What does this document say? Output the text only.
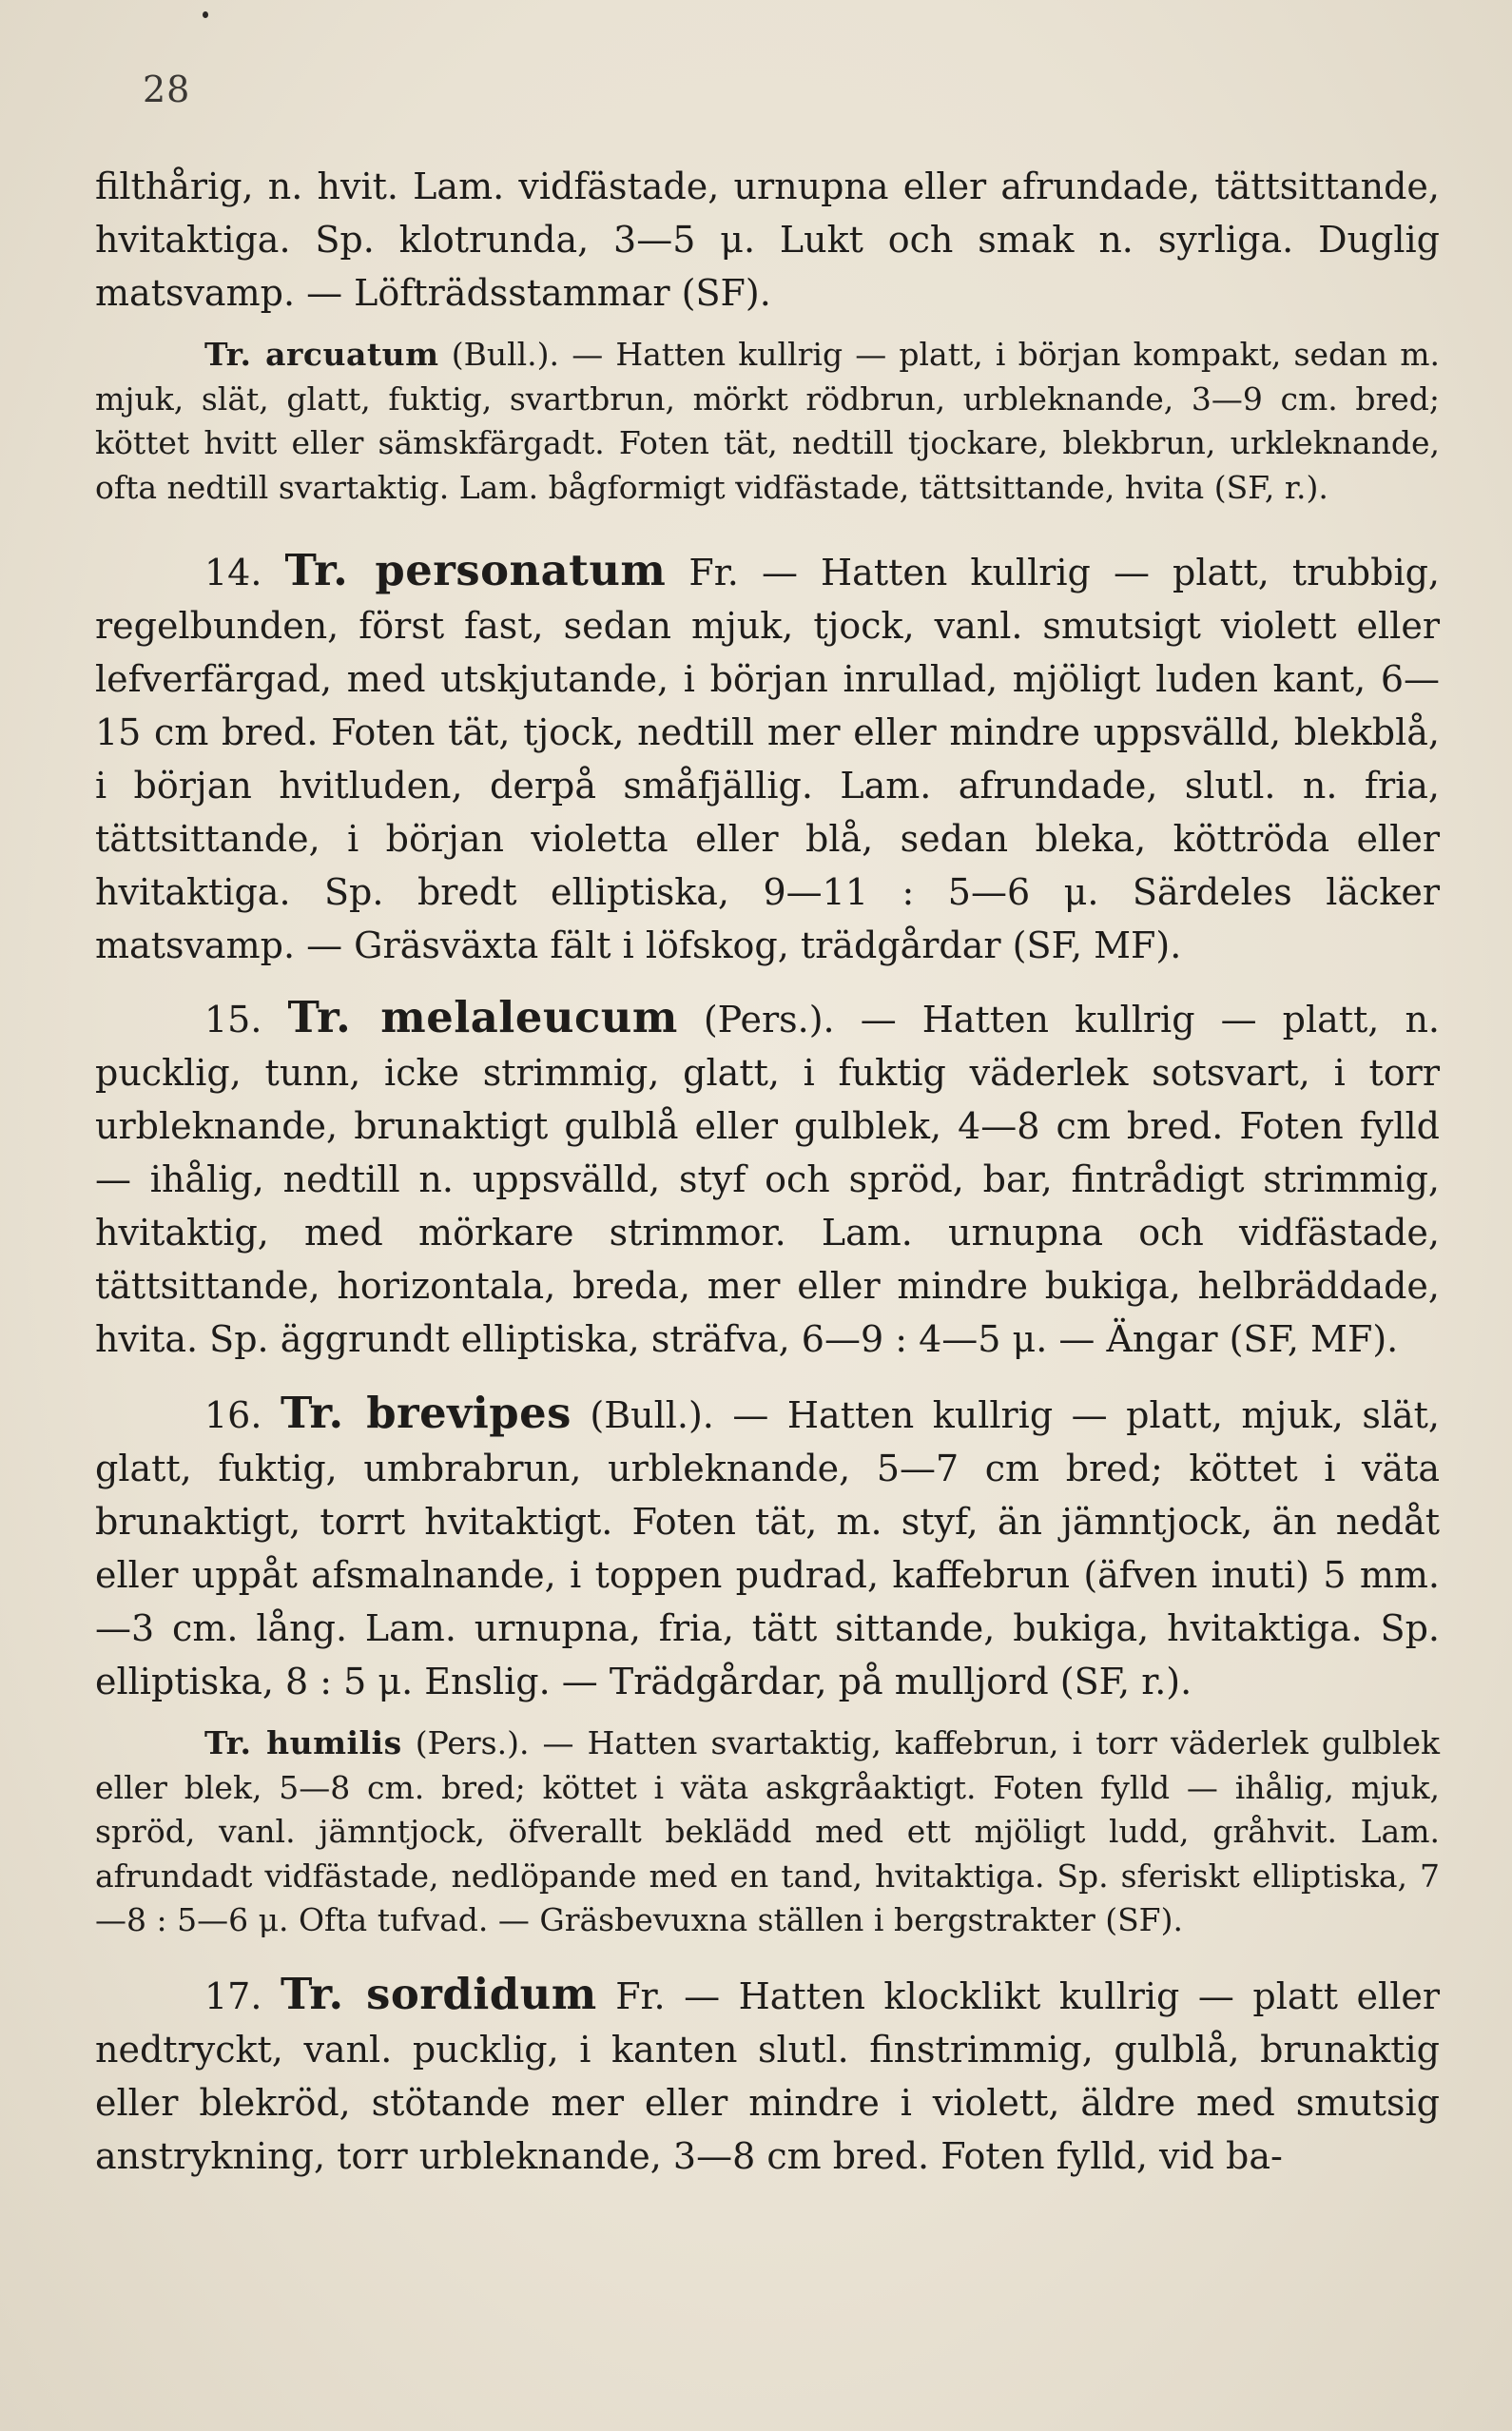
28

filthårig, n. hvit. Lam. vidfästade, urnupna eller afrundade, tättsittande, hvitaktiga. Sp. klotrunda, 3—5 μ. Lukt och smak n. syrliga. Duglig matsvamp. — Löfträdsstammar (SF).

Tr. arcuatum (Bull.). — Hatten kullrig — platt, i början kompakt, sedan m. mjuk, slät, glatt, fuktig, svartbrun, mörkt rödbrun, urbleknande, 3—9 cm. bred; köttet hvitt eller sämskfärgadt. Foten tät, nedtill tjockare, blekbrun, urkleknande, ofta nedtill svartaktig. Lam. bågformigt vidfästade, tättsittande, hvita (SF, r.).

14. Tr. personatum Fr. — Hatten kullrig — platt, trubbig, regelbunden, först fast, sedan mjuk, tjock, vanl. smutsigt violett eller lefverfärgad, med utskjutande, i början inrullad, mjöligt luden kant, 6—15 cm bred. Foten tät, tjock, nedtill mer eller mindre uppsvälld, blekblå, i början hvitluden, derpå småfjällig. Lam. afrundade, slutl. n. fria, tättsittande, i början violetta eller blå, sedan bleka, köttröda eller hvitaktiga. Sp. bredt elliptiska, 9—11 : 5—6 μ. Särdeles läcker matsvamp. — Gräsväxta fält i löfskog, trädgårdar (SF, MF).

15. Tr. melaleucum (Pers.). — Hatten kullrig — platt, n. pucklig, tunn, icke strimmig, glatt, i fuktig väderlek sotsvart, i torr urbleknande, brunaktigt gulblå eller gulblek, 4—8 cm bred. Foten fylld — ihålig, nedtill n. uppsvälld, styf och spröd, bar, fintrådigt strimmig, hvitaktig, med mörkare strimmor. Lam. urnupna och vidfästade, tättsittande, horizontala, breda, mer eller mindre bukiga, helbräddade, hvita. Sp. äggrundt elliptiska, sträfva, 6—9 : 4—5 μ. — Ängar (SF, MF).

16. Tr. brevipes (Bull.). — Hatten kullrig — platt, mjuk, slät, glatt, fuktig, umbrabrun, urbleknande, 5—7 cm bred; köttet i väta brunaktigt, torrt hvitaktigt. Foten tät, m. styf, än jämntjock, än nedåt eller uppåt afsmalnande, i toppen pudrad, kaffebrun (äfven inuti) 5 mm.—3 cm. lång. Lam. urnupna, fria, tätt sittande, bukiga, hvitaktiga. Sp. elliptiska, 8 : 5 μ. Enslig. — Trädgårdar, på mulljord (SF, r.).

Tr. humilis (Pers.). — Hatten svartaktig, kaffebrun, i torr väderlek gulblek eller blek, 5—8 cm. bred; köttet i väta askgråaktigt. Foten fylld — ihålig, mjuk, spröd, vanl. jämntjock, öfverallt beklädd med ett mjöligt ludd, gråhvit. Lam. afrundadt vidfästade, nedlöpande med en tand, hvitaktiga. Sp. sferiskt elliptiska, 7—8 : 5—6 μ. Ofta tufvad. — Gräsbevuxna ställen i bergstrakter (SF).

17. Tr. sordidum Fr. — Hatten klocklikt kullrig — platt eller nedtryckt, vanl. pucklig, i kanten slutl. finstrimmig, gulblå, brunaktig eller blekröd, stötande mer eller mindre i violett, äldre med smutsig anstrykning, torr urbleknande, 3—8 cm bred. Foten fylld, vid ba-
